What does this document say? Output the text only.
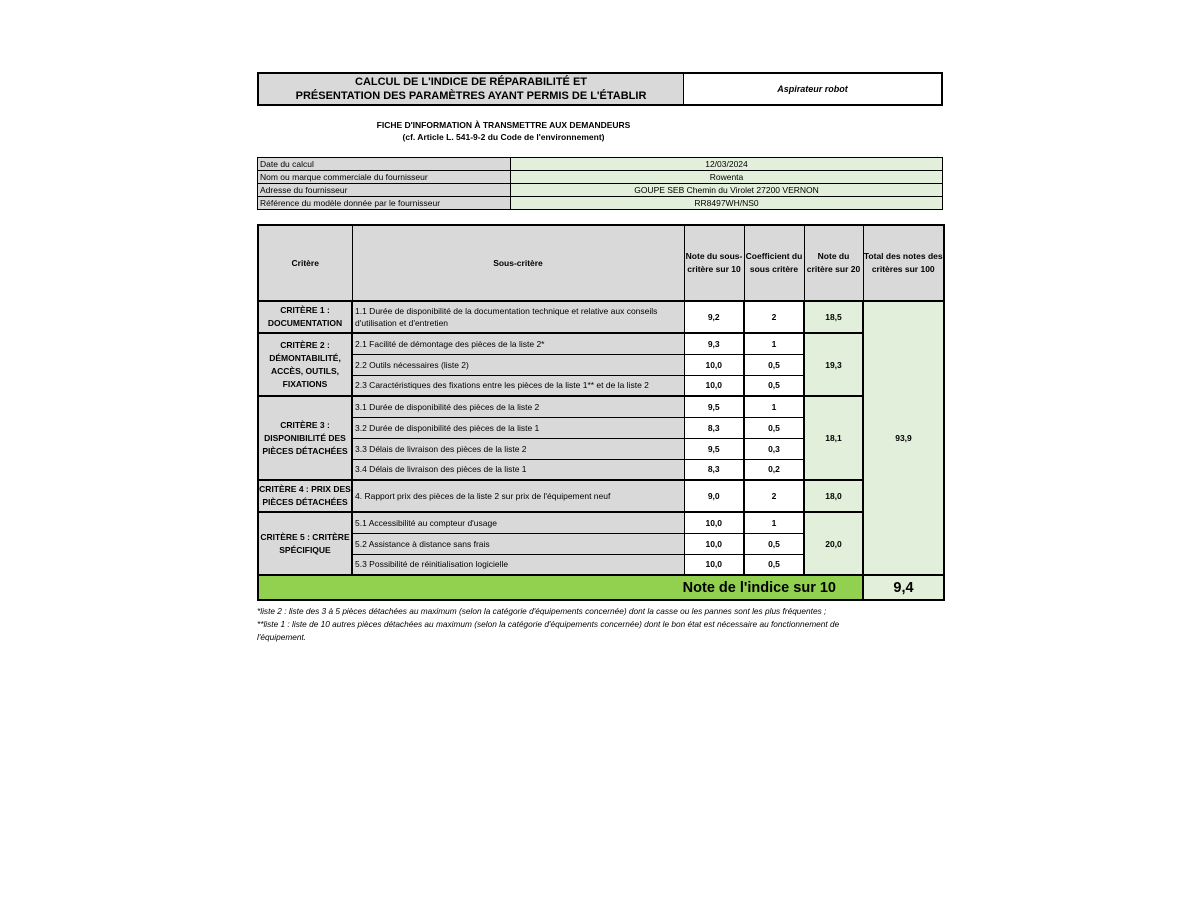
CALCUL DE L'INDICE DE RÉPARABILITÉ ET
PRÉSENTATION DES PARAMÈTRES AYANT PERMIS DE L'ÉTABLIR
	Aspirateur robot
FICHE D'INFORMATION À TRANSMETTRE AUX DEMANDEURS
(cf. Article L. 541-9-2 du Code de l'environnement)
Date du calcul	12/03/2024
Nom ou marque commerciale du fournisseur	Rowenta
Adresse du fournisseur	GOUPE SEB Chemin du Virolet 27200 VERNON
Référence du modèle donnée par le fournisseur	RR8497WH/NS0
Critère	Sous-critère	Note du sous-critère sur 10	Coefficient du sous critère	Note du critère sur 20	Total des notes des critères sur 100
CRITÈRE 1 : DOCUMENTATION	1.1 Durée de disponibilité de la documentation technique et relative aux conseils d'utilisation et d'entretien	9,2	2	18,5	93,9
CRITÈRE 2 : DÉMONTABILITÉ, ACCÈS, OUTILS, FIXATIONS	2.1 Facilité de démontage des pièces de la liste 2*	9,3	1	19,3	
	2.2 Outils nécessaires (liste 2)	10,0	0,5		
	2.3 Caractéristiques des fixations entre les pièces de la liste 1** et de la liste 2	10,0	0,5		
CRITÈRE 3 : DISPONIBILITÉ DES PIÈCES DÉTACHÉES	3.1 Durée de disponibilité des pièces de la liste 2	9,5	1	18,1	
	3.2 Durée de disponibilité des pièces de la liste 1	8,3	0,5		
	3.3 Délais de livraison des pièces de la liste 2	9,5	0,3		
	3.4 Délais de livraison des pièces de la liste 1	8,3	0,2		
CRITÈRE 4 : PRIX DES PIÈCES DÉTACHÉES	4. Rapport prix des pièces de la liste 2 sur prix de l'équipement neuf	9,0	2	18,0	
CRITÈRE 5 : CRITÈRE SPÉCIFIQUE	5.1 Accessibilité au compteur d'usage	10,0	1	20,0	
	5.2 Assistance à distance sans frais	10,0	0,5		
	5.3 Possibilité de réinitialisation logicielle	10,0	0,5		
Note de l'indice sur 10					9,4
*liste 2 : liste des 3 à 5 pièces détachées au maximum (selon la catégorie d'équipements concernée) dont la casse ou les pannes sont les plus fréquentes ;
**liste 1 : liste de 10 autres pièces détachées au maximum (selon la catégorie d'équipements concernée) dont le bon état est nécessaire au fonctionnement de
l'équipement.
